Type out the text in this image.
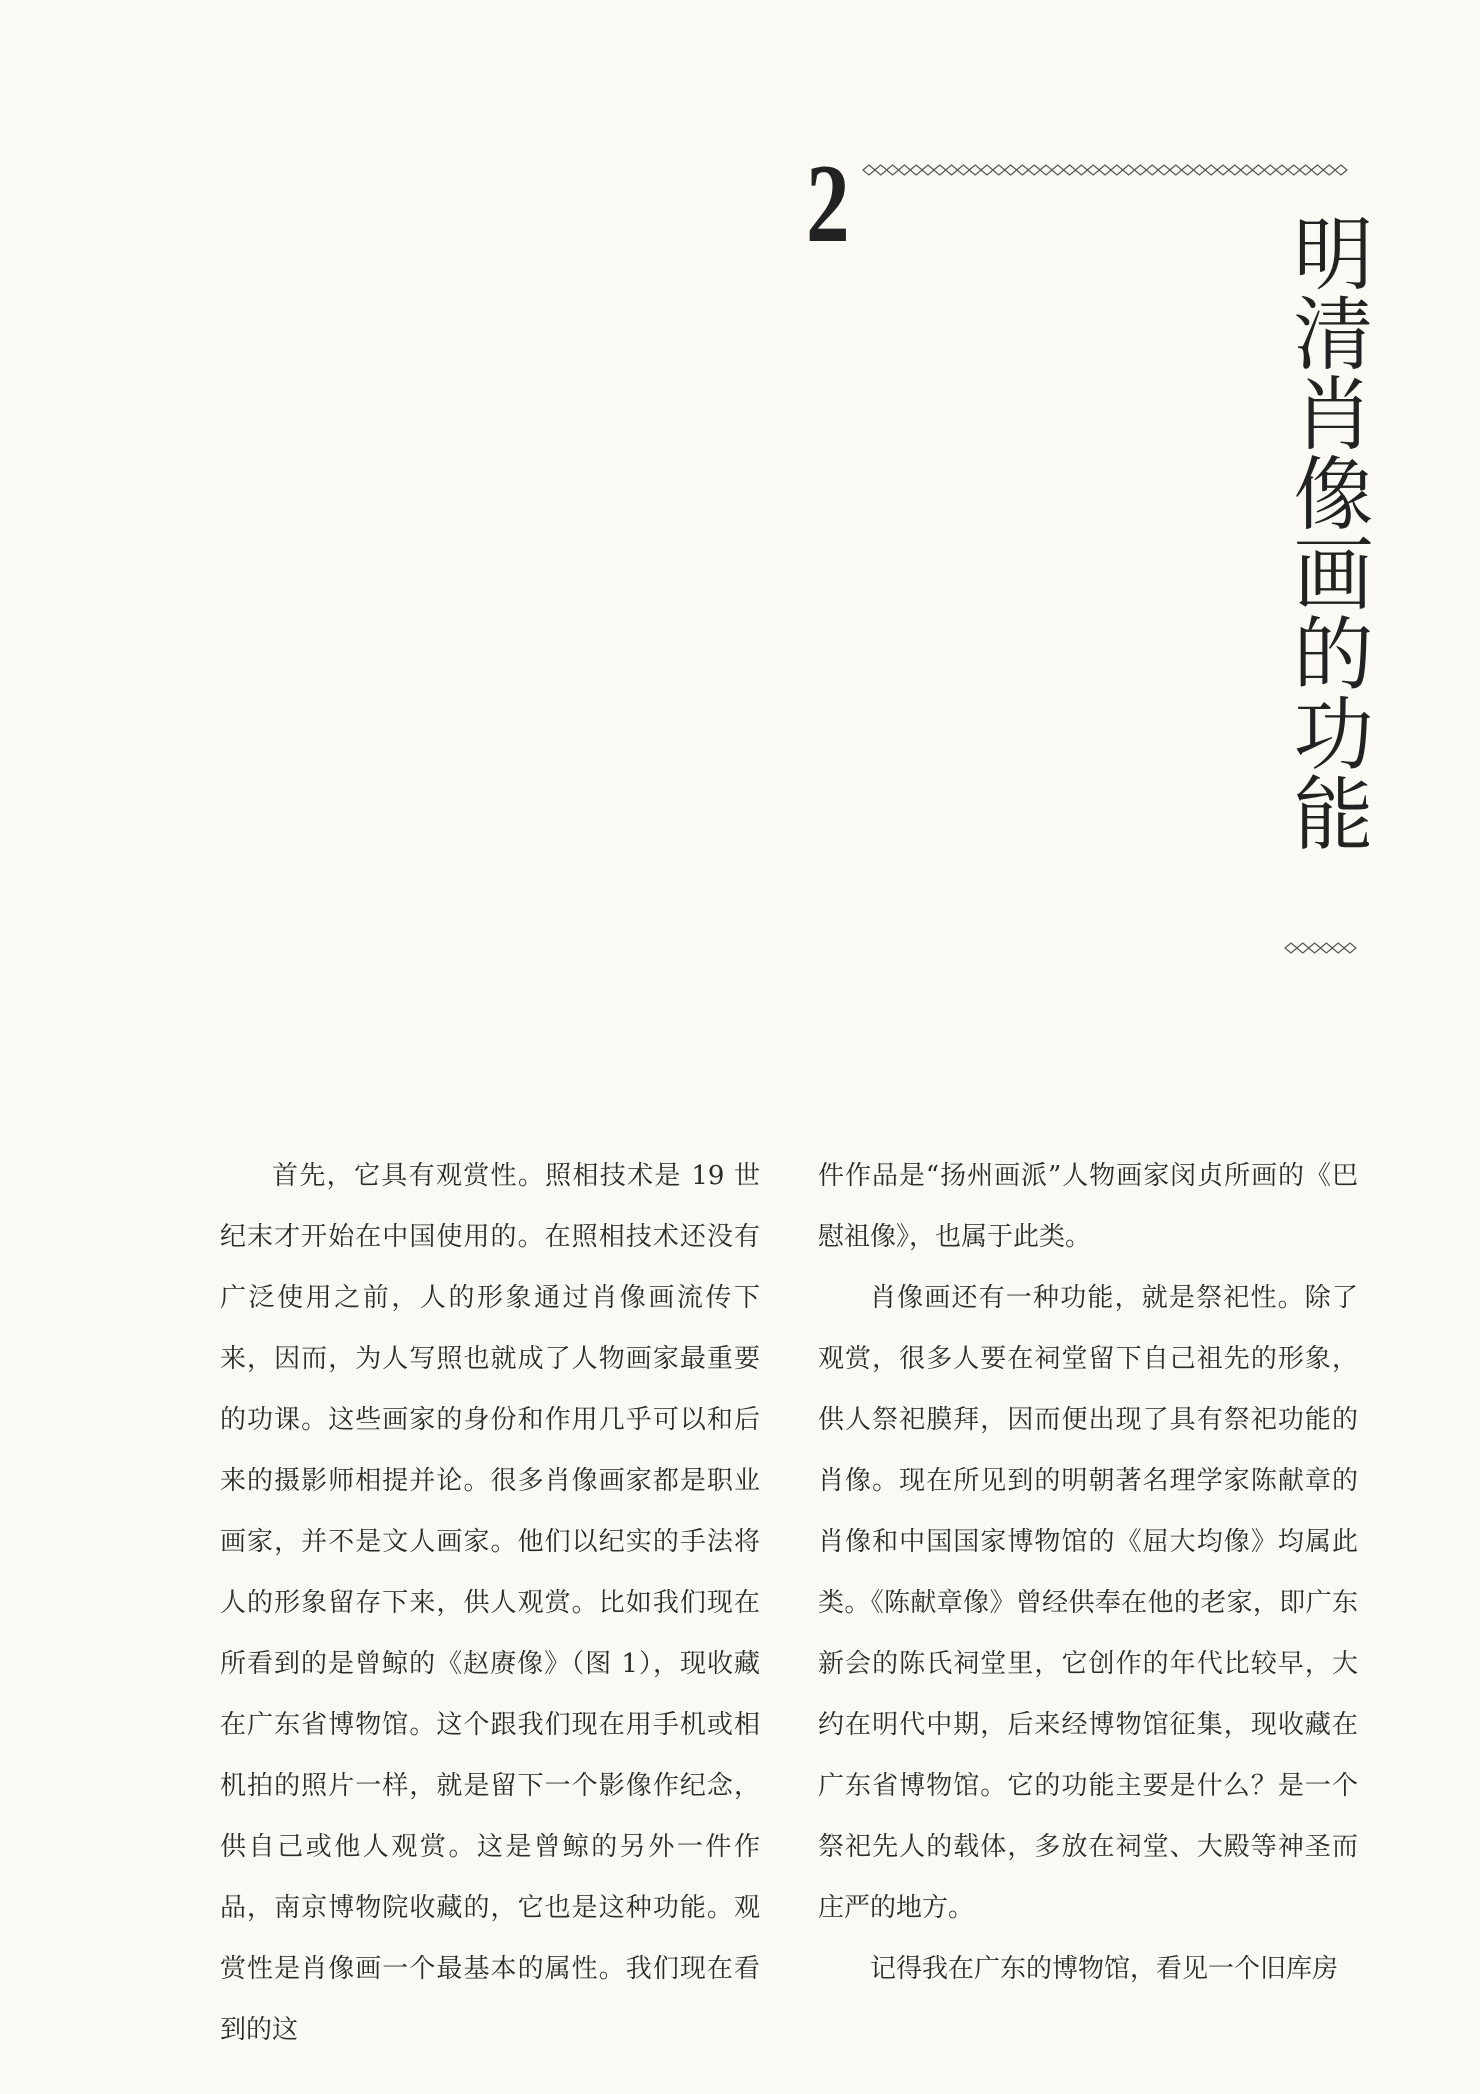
2
明清肖像画的功能

首先，它具有观赏性。照相技术是 19 世纪末才开始在中国使用的。在照相技术还没有广泛使用之前，人的形象通过肖像画流传下来，因而，为人写照也就成了人物画家最重要的功课。这些画家的身份和作用几乎可以和后来的摄影师相提并论。很多肖像画家都是职业画家，并不是文人画家。他们以纪实的手法将人的形象留存下来，供人观赏。比如我们现在所看到的是曾鲸的《赵赓像》（图 1），现收藏在广东省博物馆。这个跟我们现在用手机或相机拍的照片一样，就是留下一个影像作纪念，供自己或他人观赏。这是曾鲸的另外一件作品，南京博物院收藏的，它也是这种功能。观赏性是肖像画一个最基本的属性。我们现在看到的这

件作品是“扬州画派”人物画家闵贞所画的《巴慰祖像》，也属于此类。

肖像画还有一种功能，就是祭祀性。除了观赏，很多人要在祠堂留下自己祖先的形象，供人祭祀膜拜，因而便出现了具有祭祀功能的肖像。现在所见到的明朝著名理学家陈献章的肖像和中国国家博物馆的《屈大均像》均属此类。《陈献章像》曾经供奉在他的老家，即广东新会的陈氏祠堂里，它创作的年代比较早，大约在明代中期，后来经博物馆征集，现收藏在广东省博物馆。它的功能主要是什么？是一个祭祀先人的载体，多放在祠堂、大殿等神圣而庄严的地方。

记得我在广东的博物馆，看见一个旧库房
